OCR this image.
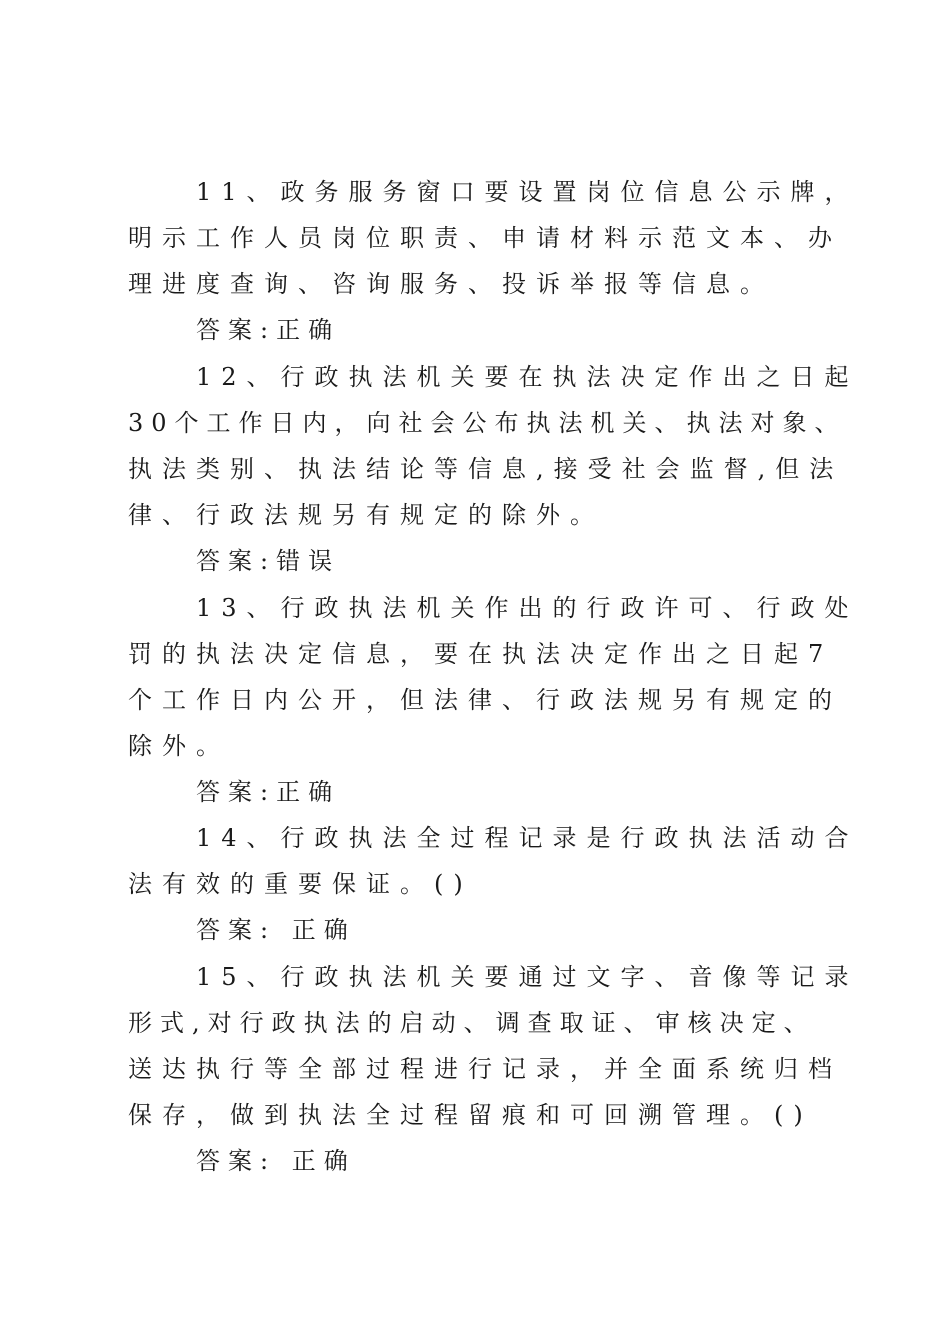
11、政务服务窗口要设置岗位信息公示牌，
明示工作人员岗位职责、申请材料示范文本、办
理进度查询、咨询服务、投诉举报等信息。
答案:正确
12、行政执法机关要在执法决定作出之日起
30个工作日内，向社会公布执法机关、执法对象、
执法类别、执法结论等信息,接受社会监督,但法
律、行政法规另有规定的除外。
答案:错误
13、行政执法机关作出的行政许可、行政处
罚的执法决定信息，要在执法决定作出之日起7
个工作日内公开，但法律、行政法规另有规定的
除外。
答案:正确
14、行政执法全过程记录是行政执法活动合
法有效的重要保证。()
答案: 正确
15、行政执法机关要通过文字、音像等记录
形式,对行政执法的启动、调查取证、审核决定、
送达执行等全部过程进行记录，并全面系统归档
保存，做到执法全过程留痕和可回溯管理。()
答案: 正确
